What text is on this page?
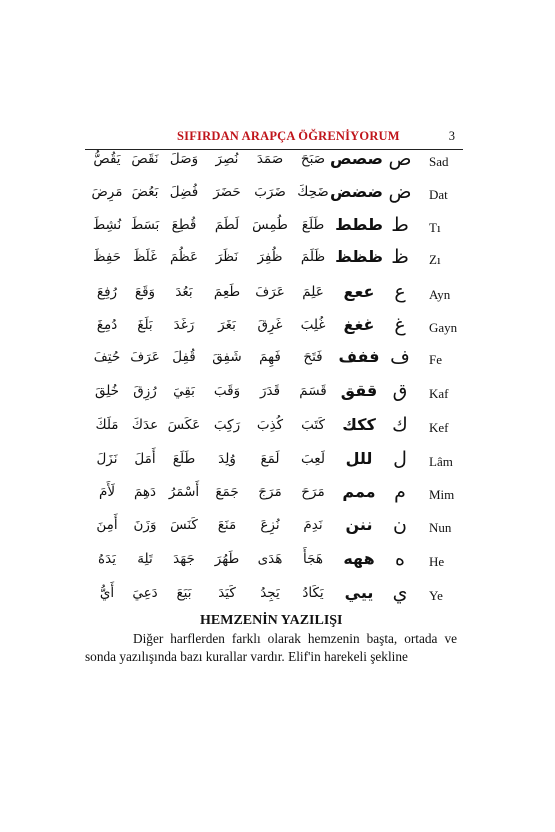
SIFIRDAN ARAPÇA ÖĞRENİYORUM	3
Sad
ص
صصص
صَبَحَ
صَمَدَ
نُصِرَ
وَصَلَ
نَقَصَ
يَقُصُّ
Dat
ض
ضضض
ضَحِكَ
ضَرَبَ
حَضَرَ
فُضِلَ
بَعُضَ
مَرِضَ
Tı
ط
ططط
طَلَعَ
طُمِسَ
لَطَمَ
قُطِعَ
بَسَطَ
نُشِطَ
Zı
ظ
ظظظ
ظَلَمَ
ظُفِرَ
نَظَرَ
عَظُمَ
غَلَظَ
حَفِظَ
Ayn
ع
ععع
عَلِمَ
عَرَفَ
طَعِمَ
بَعُدَ
وَقَعَ
رُفِعَ
Gayn
غ
غغغ
غُلِبَ
غَرِقَ
بَغَرَ
رَغَدَ
بَلَغَ
دُمِغَ
Fe
ف
ففف
فَتَحَ
فَهِمَ
شَفِقَ
قُفِلَ
عَرَفَ
حُتِفَ
Kaf
ق
ققق
قَسَمَ
قَدَرَ
وَقَبَ
بَقِيَ
رُزِقَ
خُلِقَ
Kef
ك
ككك
كَتَبَ
كُذِبَ
رَكِبَ
عَكَسَ
عدَكَ
مَلَكَ
Lâm
ل
للل
لَعِبَ
لَمَعَ
وُلِدَ
طَلَعَ
أَمَلَ
نَزَلَ
Mim
م
ممم
مَرَحَ
مَرَجَ
جَمَعَ
أَسْمَرُ
دَهِمَ
لَأَمَ
Nun
ن
ننن
نَدِمَ
نُزِعَ
مَنَعَ
كَنَسَ
وَزَنَ
أَمِنَ
He
ه
ههه
هَجَأَ
هَدَى
طَهُرَ
جَهَدَ
تَلِهَ
يَدَهُ
Ye
ي
ييي
يَكَادُ
يَجِدُ
كَيَدَ
بَيَعَ
دَعِيَ
أَيُّ
HEMZENİN YAZILIŞI
Diğer harflerden farklı olarak hemzenin başta, ortada ve sonda yazılışında bazı kurallar vardır. Elif'in harekeli şekline
